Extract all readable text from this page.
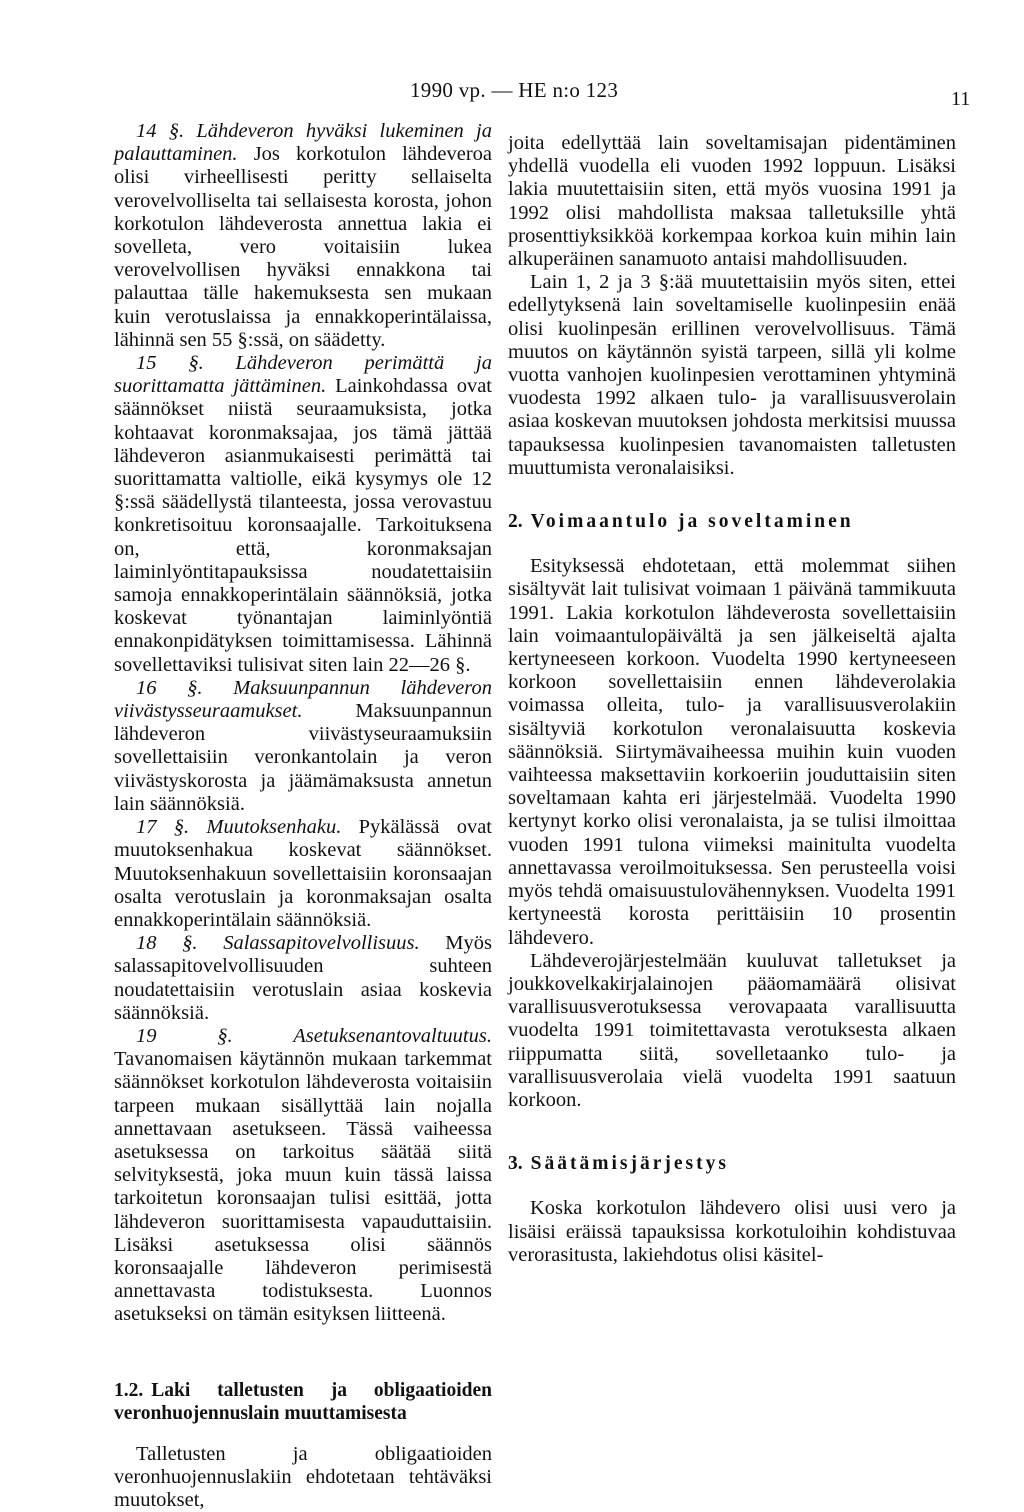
1990 vp. — HE n:o 123	11

14 §. Lähdeveron hyväksi lukeminen ja palauttaminen. Jos korkotulon lähdeveroa olisi virheellisesti peritty sellaiselta verovelvolliselta tai sellaisesta korosta, johon korkotulon lähdeverosta annettua lakia ei sovelleta, vero voitaisiin lukea verovelvollisen hyväksi ennakkona tai palauttaa tälle hakemuksesta sen mukaan kuin verotuslaissa ja ennakkoperintälaissa, lähinnä sen 55 §:ssä, on säädetty.

15 §. Lähdeveron perimättä ja suorittamatta jättäminen. Lainkohdassa ovat säännökset niistä seuraamuksista, jotka kohtaavat koronmaksajaa, jos tämä jättää lähdeveron asianmukaisesti perimättä tai suorittamatta valtiolle, eikä kysymys ole 12 §:ssä säädellystä tilanteesta, jossa verovastuu konkretisoituu koronsaajalle. Tarkoituksena on, että, koronmaksajan laiminlyöntitapauksissa noudatettaisiin samoja ennakkoperintälain säännöksiä, jotka koskevat työnantajan laiminlyöntiä ennakonpidätyksen toimittamisessa. Lähinnä sovellettaviksi tulisivat siten lain 22—26 §.

16 §. Maksuunpannun lähdeveron viivästysseuraamukset.	Maksuunpannun lähdeveron viivästyseuraamuksiin sovellettaisiin veronkantolain ja veron viivästyskorosta ja jäämämaksusta annetun lain säännöksiä.

17 §. Muutoksenhaku. Pykälässä ovat muutoksenhakua koskevat säännökset. Muutoksenhakuun sovellettaisiin koronsaajan osalta verotuslain ja koronmaksajan osalta ennakkoperintälain säännöksiä.

18 §. Salassapitovelvollisuus. Myös salassapitovelvollisuuden suhteen noudatettaisiin verotuslain asiaa koskevia säännöksiä.

19 §.	Asetuksenantovaltuutus. Tavanomaisen käytännön mukaan tarkemmat säännökset korkotulon lähdeverosta voitaisiin tarpeen mukaan sisällyttää lain nojalla annettavaan asetukseen. Tässä vaiheessa asetuksessa on tarkoitus säätää siitä selvityksestä, joka muun kuin tässä laissa tarkoitetun koronsaajan tulisi esittää, jotta lähdeveron suorittamisesta vapauduttaisiin. Lisäksi asetuksessa olisi säännös koronsaajalle lähdeveron perimisestä annettavasta todistuksesta. Luonnos asetukseksi on tämän esityksen liitteenä.

1.2. Laki talletusten ja obligaatioiden veronhuojennuslain muuttamisesta

Talletusten ja obligaatioiden veronhuojennuslakiin ehdotetaan tehtäväksi muutokset,

joita edellyttää lain soveltamisajan pidentäminen yhdellä vuodella eli vuoden 1992 loppuun. Lisäksi lakia muutettaisiin siten, että myös vuosina 1991 ja 1992 olisi mahdollista maksaa talletuksille yhtä prosenttiyksikköä korkempaa korkoa kuin mihin lain alkuperäinen sanamuoto antaisi mahdollisuuden.

Lain 1, 2 ja 3 §:ää muutettaisiin myös siten, ettei edellytyksenä lain soveltamiselle kuolinpesiin enää olisi kuolinpesän erillinen verovelvollisuus. Tämä muutos on käytännön syistä tarpeen, sillä yli kolme vuotta vanhojen kuolinpesien verottaminen yhtyminä vuodesta 1992 alkaen tulo- ja varallisuusverolain asiaa koskevan muutoksen johdosta merkitsisi muussa tapauksessa kuolinpesien tavanomaisten talletusten muuttumista veronalaisiksi.

2. Voimaantulo ja soveltaminen

Esityksessä ehdotetaan, että molemmat siihen sisältyvät lait tulisivat voimaan 1 päivänä tammikuuta 1991. Lakia korkotulon lähdeverosta sovellettaisiin lain voimaantulopäivältä ja sen jälkeiseltä ajalta kertyneeseen korkoon. Vuodelta 1990 kertyneeseen korkoon sovellettaisiin ennen lähdeverolakia voimassa olleita, tulo- ja varallisuusverolakiin sisältyviä korkotulon veronalaisuutta koskevia säännöksiä. Siirtymävaiheessa muihin kuin vuoden vaihteessa maksettaviin korkoeriin jouduttaisiin siten soveltamaan kahta eri järjestelmää. Vuodelta 1990 kertynyt korko olisi veronalaista, ja se tulisi ilmoittaa vuoden 1991 tulona viimeksi mainitulta vuodelta annettavassa veroilmoituksessa. Sen perusteella voisi myös tehdä omaisuustulovähennyksen. Vuodelta 1991 kertyneestä korosta perittäisiin 10 prosentin lähdevero.

Lähdeverojärjestelmään kuuluvat talletukset ja joukkovelkakirjalainojen pääomamäärä olisivat varallisuusverotuksessa verovapaata varallisuutta vuodelta 1991 toimitettavasta verotuksesta alkaen riippumatta siitä, sovelletaanko tulo- ja varallisuusverolaia vielä vuodelta 1991 saatuun korkoon.

3. Säätämisjärjestys

Koska korkotulon lähdevero olisi uusi vero ja lisäisi eräissä tapauksissa korkotuloihin kohdistuvaa verorasitusta, lakiehdotus olisi käsitel-
